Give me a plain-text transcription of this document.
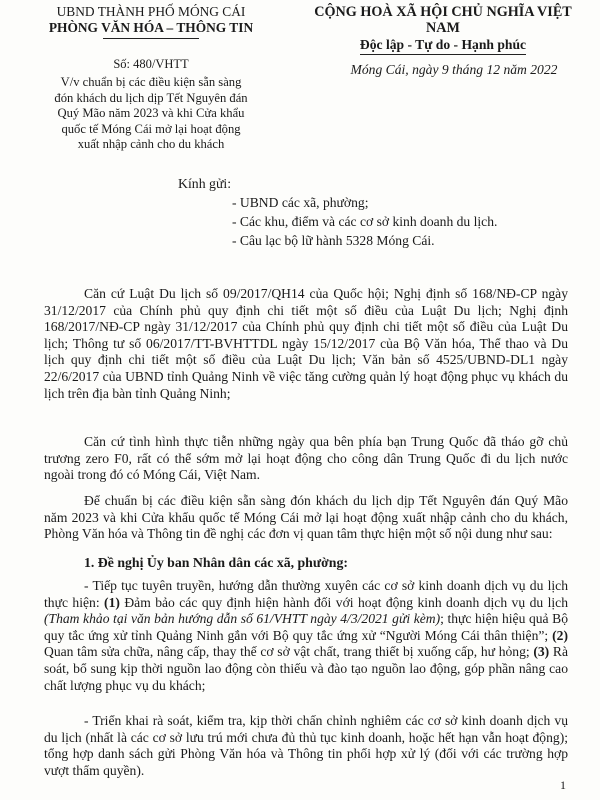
UBND THÀNH PHỐ MÓNG CÁI
PHÒNG VĂN HÓA – THÔNG TIN
CỘNG HOÀ XÃ HỘI CHỦ NGHĨA VIỆT NAM
Độc lập - Tự do - Hạnh phúc
Số: 480/VHTT
V/v chuẩn bị các điều kiện sẵn sàng
đón khách du lịch dịp Tết Nguyên đán
Quý Mão năm 2023 và khi Cửa khẩu
quốc tế Móng Cái mở lại hoạt động
xuất nhập cảnh cho du khách
Móng Cái, ngày 9 tháng 12 năm 2022
Kính gửi:
- UBND các xã, phường;
- Các khu, điểm và các cơ sở kinh doanh du lịch.
- Câu lạc bộ lữ hành 5328 Móng Cái.
Căn cứ Luật Du lịch số 09/2017/QH14 của Quốc hội; Nghị định số 168/NĐ-CP ngày 31/12/2017 của Chính phủ quy định chi tiết một số điều của Luật Du lịch; Nghị định 168/2017/NĐ-CP ngày 31/12/2017 của Chính phủ quy định chi tiết một số điều của Luật Du lịch; Thông tư số 06/2017/TT-BVHTTDL ngày 15/12/2017 của Bộ Văn hóa, Thể thao và Du lịch quy định chi tiết một số điều của Luật Du lịch; Văn bản số 4525/UBND-DL1 ngày 22/6/2017 của UBND tỉnh Quảng Ninh về việc tăng cường quản lý hoạt động phục vụ khách du lịch trên địa bàn tỉnh Quảng Ninh;
Căn cứ tình hình thực tiễn những ngày qua bên phía bạn Trung Quốc đã tháo gỡ chủ trương zero F0, rất có thể sớm mở lại hoạt động cho công dân Trung Quốc đi du lịch nước ngoài trong đó có Móng Cái, Việt Nam.
Để chuẩn bị các điều kiện sẵn sàng đón khách du lịch dịp Tết Nguyên đán Quý Mão năm 2023 và khi Cửa khẩu quốc tế Móng Cái mở lại hoạt động xuất nhập cảnh cho du khách, Phòng Văn hóa và Thông tin đề nghị các đơn vị quan tâm thực hiện một số nội dung như sau:
1. Đề nghị Ủy ban Nhân dân các xã, phường:
- Tiếp tục tuyên truyền, hướng dẫn thường xuyên các cơ sở kinh doanh dịch vụ du lịch thực hiện: (1) Đảm bảo các quy định hiện hành đối với hoạt động kinh doanh dịch vụ du lịch (Tham khảo tại văn bản hướng dẫn số 61/VHTT ngày 4/3/2021 gửi kèm); thực hiện hiệu quả Bộ quy tắc ứng xử tỉnh Quảng Ninh gắn với Bộ quy tắc ứng xử “Người Móng Cái thân thiện”; (2) Quan tâm sửa chữa, nâng cấp, thay thế cơ sở vật chất, trang thiết bị xuống cấp, hư hỏng; (3) Rà soát, bổ sung kịp thời nguồn lao động còn thiếu và đào tạo nguồn lao động, góp phần nâng cao chất lượng phục vụ du khách;
- Triển khai rà soát, kiểm tra, kịp thời chấn chỉnh nghiêm các cơ sở kinh doanh dịch vụ du lịch (nhất là các cơ sở lưu trú mới chưa đủ thủ tục kinh doanh, hoặc hết hạn vẫn hoạt động); tổng hợp danh sách gửi Phòng Văn hóa và Thông tin phối hợp xử lý (đối với các trường hợp vượt thẩm quyền).
1
